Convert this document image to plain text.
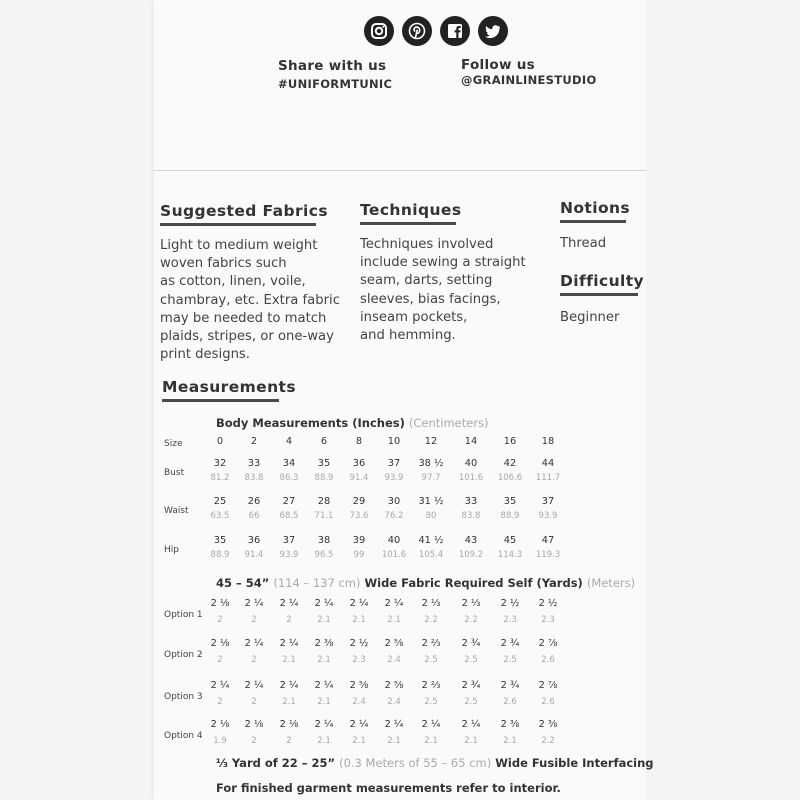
Share with us
#UNIFORMTUNIC
Follow us
@GRAINLINESTUDIO
Suggested Fabrics
Light to medium weight
woven fabrics such
as cotton, linen, voile,
chambray, etc. Extra fabric
may be needed to match
plaids, stripes, or one-way
print designs.
Techniques
Techniques involved
include sewing a straight
seam, darts, setting
sleeves, bias facings,
inseam pockets,
and hemming.
Notions
Thread
Difficulty
Beginner
Measurements
Body Measurements (Inches) (Centimeters)
Size	0	2	4	6	8	10	12	14	16	18
Bust
32	33	34	35	36	37	38 ½	40	42	44
81.2	83.8	86.3	88.9	91.4	93.9	97.7	101.6	106.6	111.7
Waist
25	26	27	28	29	30	31 ½	33	35	37
63.5	66	68.5	71.1	73.6	76.2	80	83.8	88.9	93.9
Hip
35	36	37	38	39	40	41 ½	43	45	47
88.9	91.4	93.9	96.5	99	101.6	105.4	109.2	114.3	119.3
45 – 54” (114 – 137 cm) Wide Fabric Required Self (Yards) (Meters)
Option 1
2 ⅛	2 ¼	2 ¼	2 ¼	2 ¼	2 ¼	2 ⅓	2 ⅓	2 ½	2 ½
2	2	2	2.1	2.1	2.1	2.2	2.2	2.3	2.3
Option 2
2 ⅛	2 ¼	2 ¼	2 ⅜	2 ½	2 ⅝	2 ⅔	2 ¾	2 ¾	2 ⅞
2	2	2.1	2.1	2.3	2.4	2.5	2.5	2.5	2.6
Option 3
2 ¼	2 ¼	2 ¼	2 ¼	2 ⅝	2 ⅝	2 ⅔	2 ¾	2 ¾	2 ⅞
2	2	2.1	2.1	2.4	2.4	2.5	2.5	2.6	2.6
Option 4
2 ⅛	2 ⅛	2 ⅛	2 ¼	2 ¼	2 ¼	2 ¼	2 ¼	2 ⅜	2 ⅜
1.9	2	2	2.1	2.1	2.1	2.1	2.1	2.1	2.2
⅓ Yard of 22 – 25” (0.3 Meters of 55 – 65 cm) Wide Fusible Interfacing
For finished garment measurements refer to interior.
